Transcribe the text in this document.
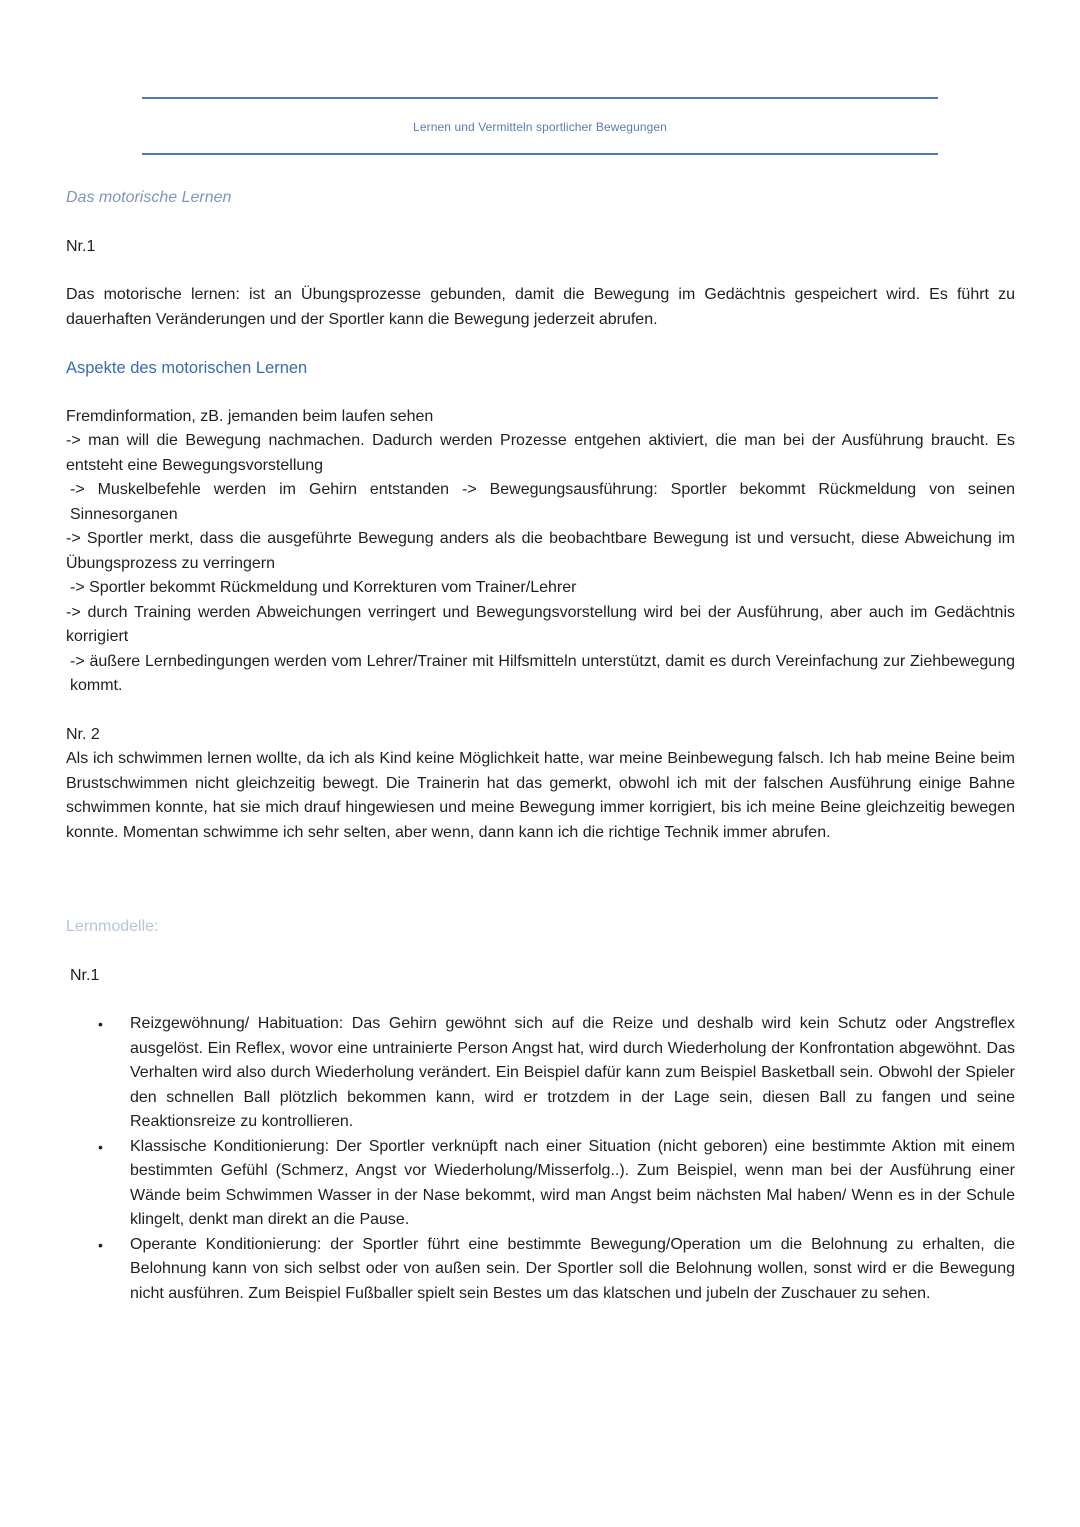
Lernen und Vermitteln sportlicher Bewegungen

Das motorische Lernen

Nr.1

Das motorische lernen: ist an Übungsprozesse gebunden, damit die Bewegung im Gedächtnis gespeichert wird. Es führt zu dauerhaften Veränderungen und der Sportler kann die Bewegung jederzeit abrufen.

Aspekte des motorischen Lernen

Fremdinformation, zB. jemanden beim laufen sehen

-> man will die Bewegung nachmachen. Dadurch werden Prozesse entgehen aktiviert, die man bei der Ausführung braucht. Es entsteht eine Bewegungsvorstellung

-> Muskelbefehle werden im Gehirn entstanden -> Bewegungsausführung: Sportler bekommt Rückmeldung von seinen Sinnesorganen

-> Sportler merkt, dass die ausgeführte Bewegung anders als die beobachtbare Bewegung ist und versucht, diese Abweichung im Übungsprozess zu verringern

-> Sportler bekommt Rückmeldung und Korrekturen vom Trainer/Lehrer

-> durch Training werden Abweichungen verringert und Bewegungsvorstellung wird bei der Ausführung, aber auch im Gedächtnis korrigiert

-> äußere Lernbedingungen werden vom Lehrer/Trainer mit Hilfsmitteln unterstützt, damit es durch Vereinfachung zur Ziehbewegung kommt.

Nr. 2

Als ich schwimmen lernen wollte, da ich als Kind keine Möglichkeit hatte, war meine Beinbewegung falsch. Ich hab meine Beine beim Brustschwimmen nicht gleichzeitig bewegt. Die Trainerin hat das gemerkt, obwohl ich mit der falschen Ausführung einige Bahne schwimmen konnte, hat sie mich drauf hingewiesen und meine Bewegung immer korrigiert, bis ich meine Beine gleichzeitig bewegen konnte. Momentan schwimme ich sehr selten, aber wenn, dann kann ich die richtige Technik immer abrufen.

Lernmodelle:

Nr.1

• Reizgewöhnung/ Habituation: Das Gehirn gewöhnt sich auf die Reize und deshalb wird kein Schutz oder Angstreflex ausgelöst. Ein Reflex, wovor eine untrainierte Person Angst hat, wird durch Wiederholung der Konfrontation abgewöhnt. Das Verhalten wird also durch Wiederholung verändert. Ein Beispiel dafür kann zum Beispiel Basketball sein. Obwohl der Spieler den schnellen Ball plötzlich bekommen kann, wird er trotzdem in der Lage sein, diesen Ball zu fangen und seine Reaktionsreize zu kontrollieren.
• Klassische Konditionierung: Der Sportler verknüpft nach einer Situation (nicht geboren) eine bestimmte Aktion mit einem bestimmten Gefühl (Schmerz, Angst vor Wiederholung/Misserfolg..). Zum Beispiel, wenn man bei der Ausführung einer Wände beim Schwimmen Wasser in der Nase bekommt, wird man Angst beim nächsten Mal haben/ Wenn es in der Schule klingelt, denkt man direkt an die Pause.
• Operante Konditionierung: der Sportler führt eine bestimmte Bewegung/Operation um die Belohnung zu erhalten, die Belohnung kann von sich selbst oder von außen sein. Der Sportler soll die Belohnung wollen, sonst wird er die Bewegung nicht ausführen. Zum Beispiel Fußballer spielt sein Bestes um das klatschen und jubeln der Zuschauer zu sehen.
